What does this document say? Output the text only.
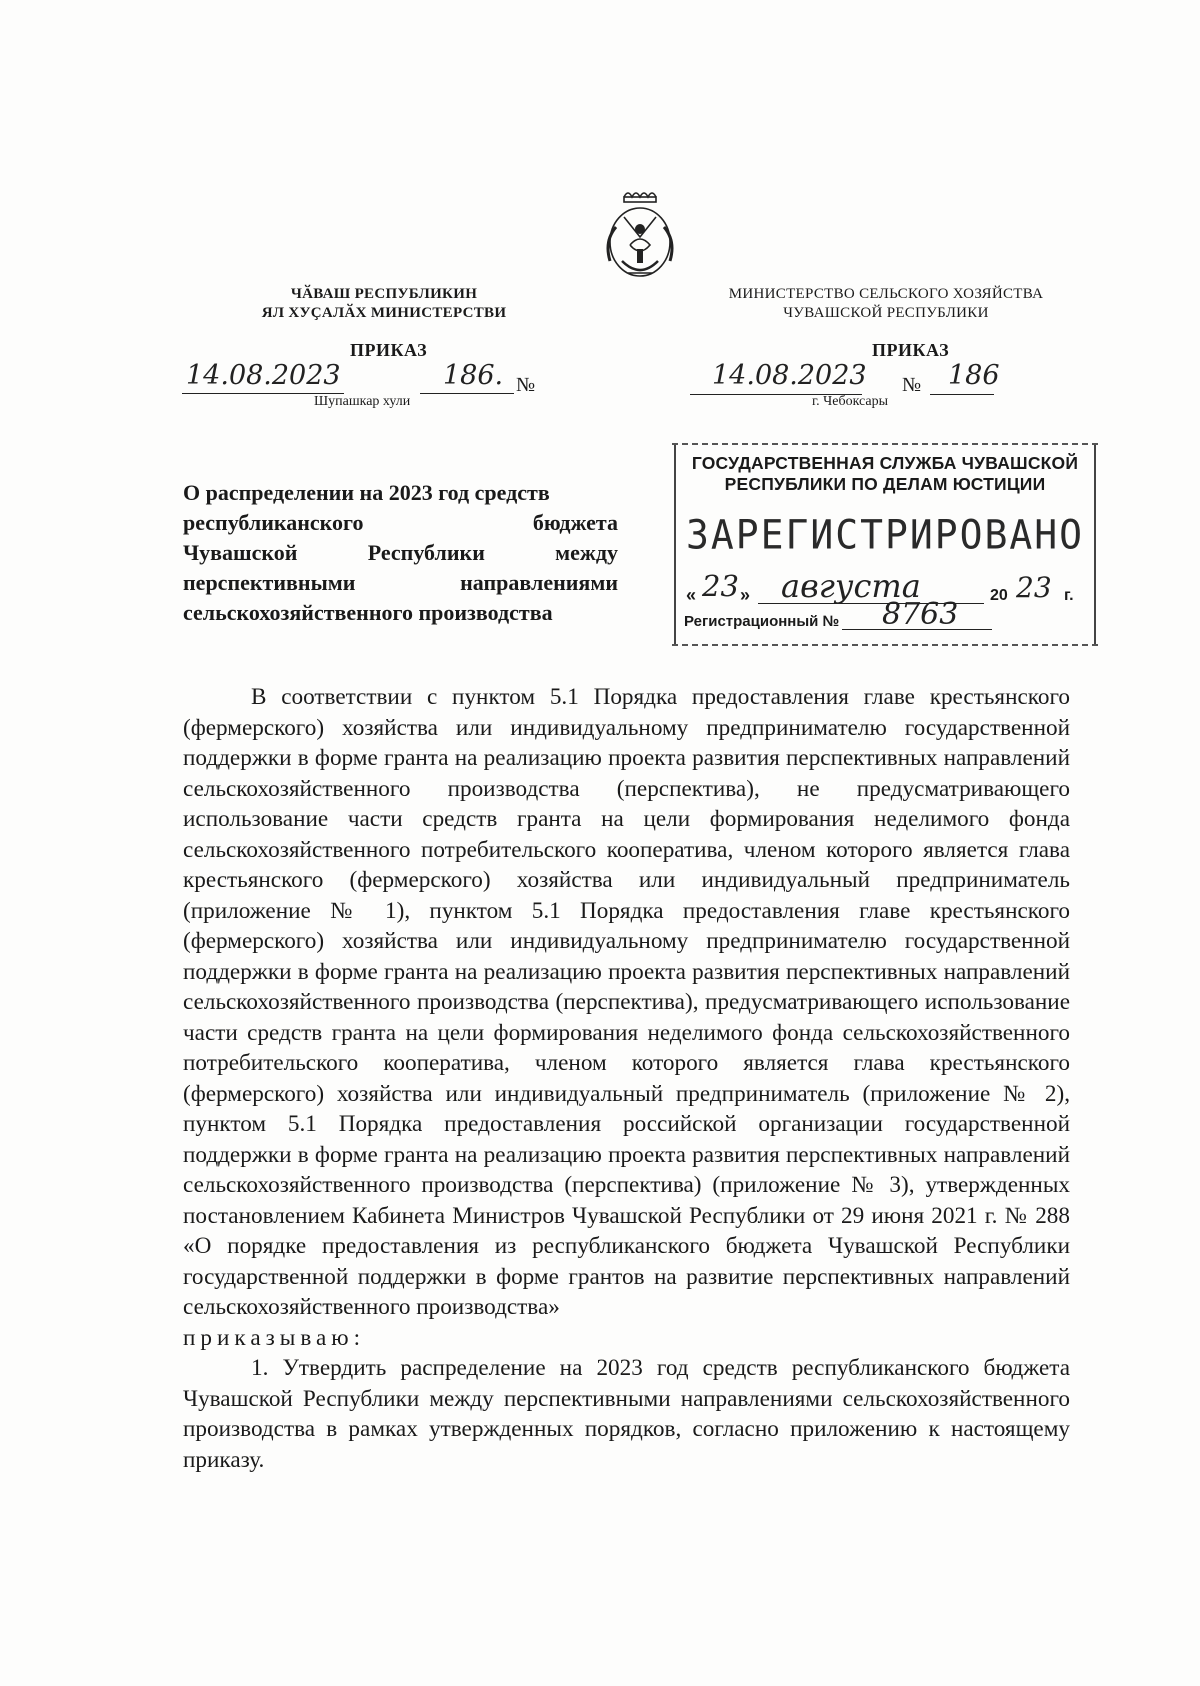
ЧӐВАШ РЕСПУБЛИКИН
ЯЛ ХУҪАЛӐХ МИНИСТЕРСТВИ
МИНИСТЕРСТВО СЕЛЬСКОГО ХОЗЯЙСТВА
ЧУВАШСКОЙ РЕСПУБЛИКИ
ПРИКАЗ	ПРИКАЗ
14.08.2023	186. №
Шупашкар хули
14.08.2023 № 186
г. Чебоксары
О распределении на 2023 год средств
республиканского бюджета
Чувашской Республики между
перспективными направлениями
сельскохозяйственного производства
ГОСУДАРСТВЕННАЯ СЛУЖБА ЧУВАШСКОЙ
РЕСПУБЛИКИ ПО ДЕЛАМ ЮСТИЦИИ
ЗАРЕГИСТРИРОВАНО
« 23 » августа	20 23 г.
Регистрационный № 8763

В соответствии с пунктом 5.1 Порядка предоставления главе крестьянского (фермерского) хозяйства или индивидуальному предпринимателю государственной поддержки в форме гранта на реализацию проекта развития перспективных направлений сельскохозяйственного производства (перспектива), не предусматривающего использование части средств гранта на цели формирования неделимого фонда сельскохозяйственного потребительского кооператива, членом которого является глава крестьянского (фермерского) хозяйства или индивидуальный предприниматель (приложение № 1), пунктом 5.1 Порядка предоставления главе крестьянского (фермерского) хозяйства или индивидуальному предпринимателю государственной поддержки в форме гранта на реализацию проекта развития перспективных направлений сельскохозяйственного производства (перспектива), предусматривающего использование части средств гранта на цели формирования неделимого фонда сельскохозяйственного потребительского кооператива, членом которого является глава крестьянского (фермерского) хозяйства или индивидуальный предприниматель (приложение № 2), пунктом 5.1 Порядка предоставления российской организации государственной поддержки в форме гранта на реализацию проекта развития перспективных направлений сельскохозяйственного производства (перспектива) (приложение № 3), утвержденных постановлением Кабинета Министров Чувашской Республики от 29 июня 2021 г. № 288 «О порядке предоставления из республиканского бюджета Чувашской Республики государственной поддержки в форме грантов на развитие перспективных направлений сельскохозяйственного производства»

приказываю:

1. Утвердить распределение на 2023 год средств республиканского бюджета Чувашской Республики между перспективными направлениями сельскохозяйственного производства в рамках утвержденных порядков, согласно приложению к настоящему приказу.
